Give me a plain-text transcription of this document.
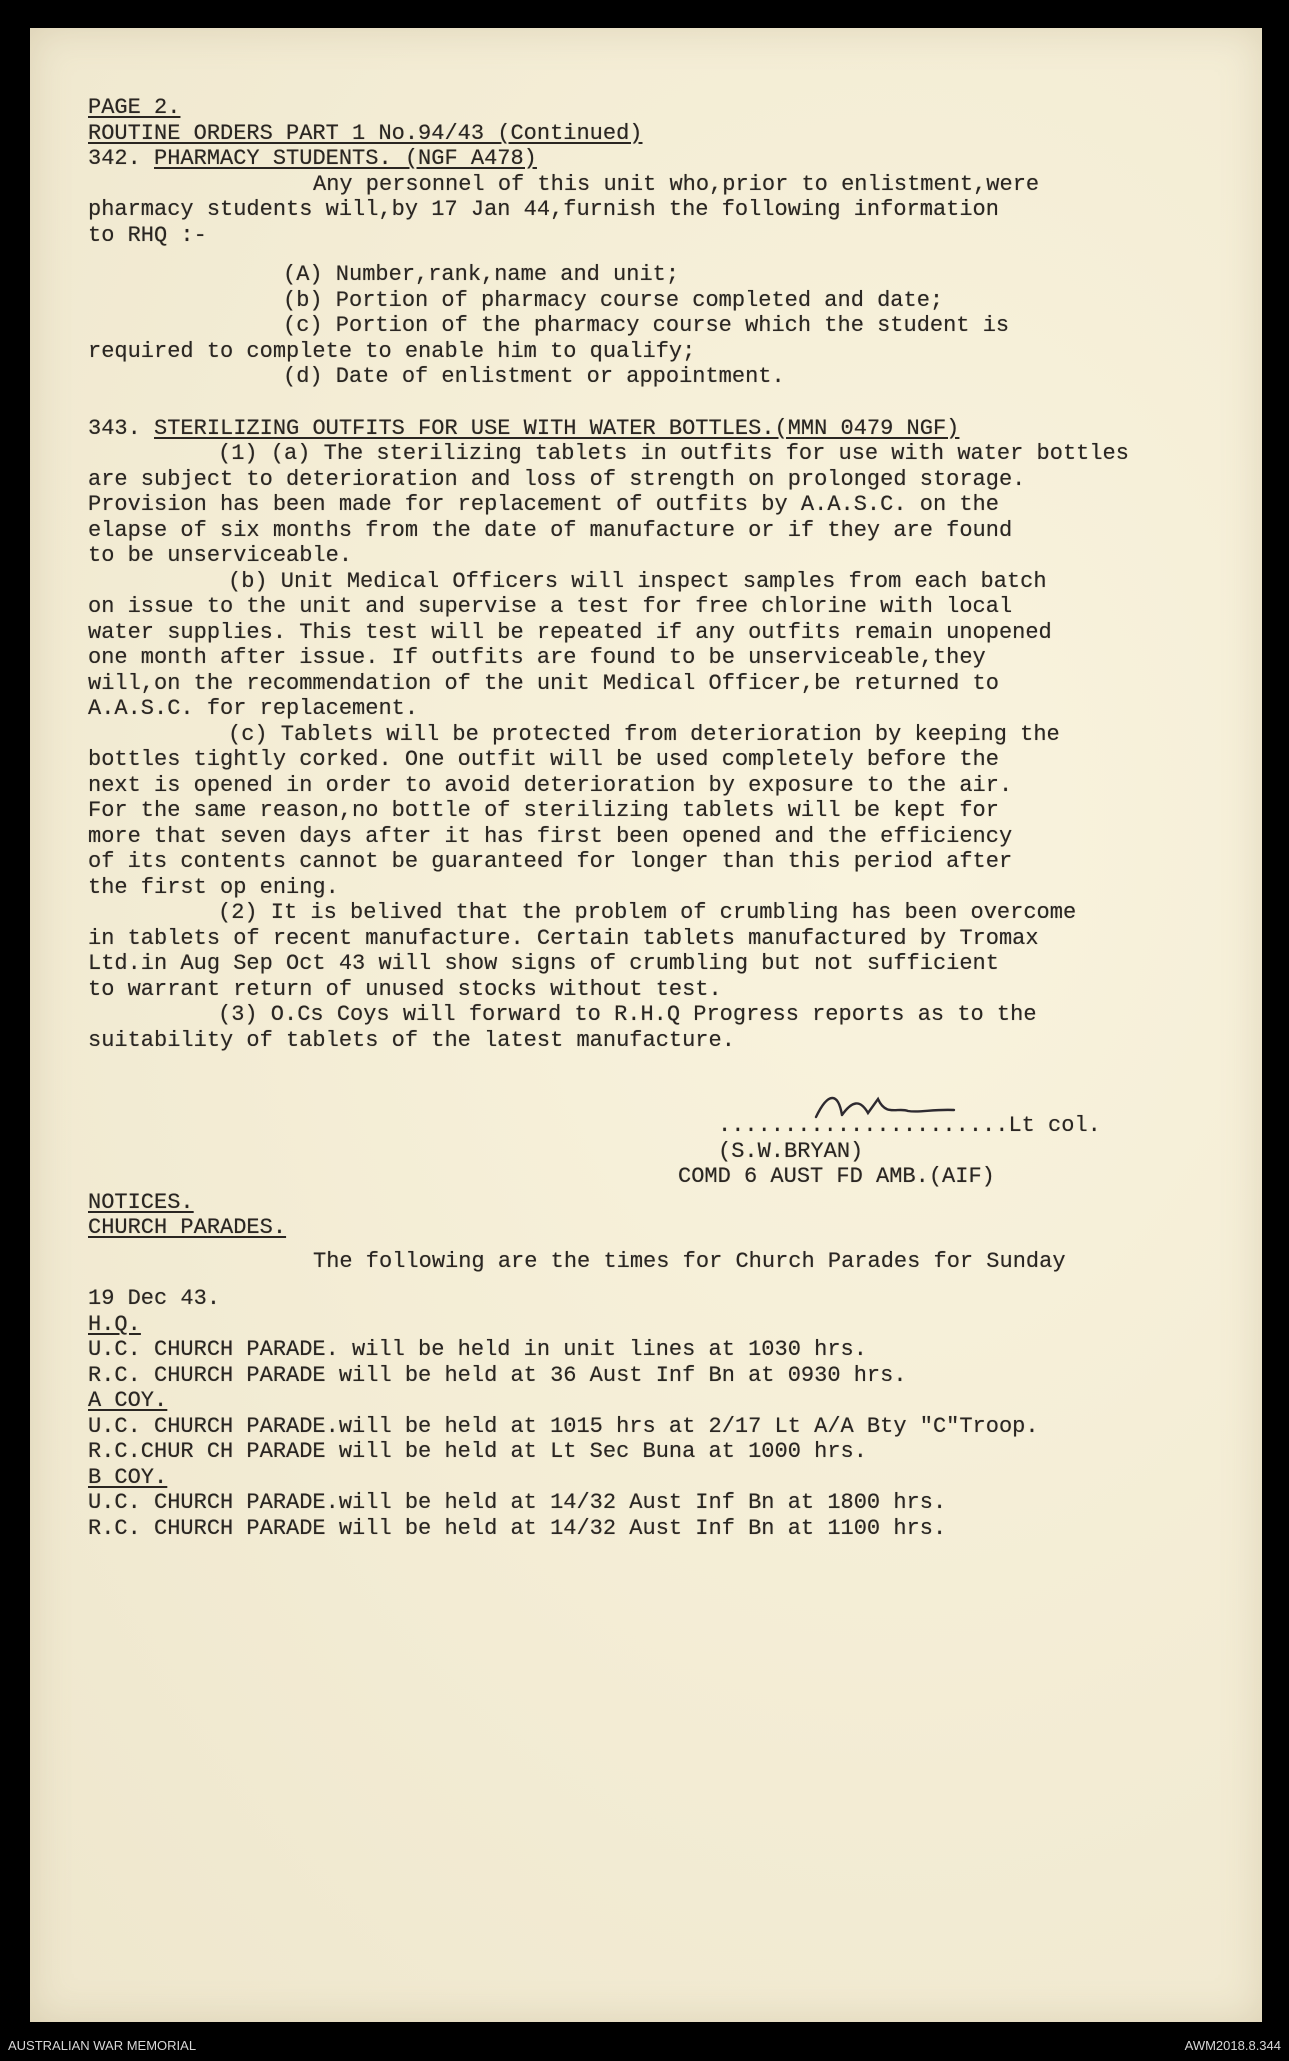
PAGE 2.

ROUTINE ORDERS PART 1 No.94/43 (Continued)

342. PHARMACY STUDENTS. (NGF A478)

Any personnel of this unit who,prior to enlistment,were

pharmacy students will,by 17 Jan 44,furnish the following information

to RHQ :-

(A) Number,rank,name and unit;

(b) Portion of pharmacy course completed and date;

(c) Portion of the pharmacy course which the student is

required to complete to enable him to qualify;

(d) Date of enlistment or appointment.

343. STERILIZING OUTFITS FOR USE WITH WATER BOTTLES.(MMN 0479 NGF)

(1) (a) The sterilizing tablets in outfits for use with water bottles

are subject to deterioration and loss of strength on prolonged storage.

Provision has been made for replacement of outfits by A.A.S.C. on the

elapse of six months from the date of manufacture or if they are found

to be unserviceable.

(b) Unit Medical Officers will inspect samples from each batch

on issue to the unit and supervise a test for free chlorine with local

water supplies. This test will be repeated if any outfits remain unopened

one month after issue. If outfits are found to be unserviceable,they

will,on the recommendation of the unit Medical Officer,be returned to

A.A.S.C. for replacement.

(c) Tablets will be protected from deterioration by keeping the

bottles tightly corked. One outfit will be used completely before the

next is opened in order to avoid deterioration by exposure to the air.

For the same reason,no bottle of sterilizing tablets will be kept for

more that seven days after it has first been opened and the efficiency

of its contents cannot be guaranteed for longer than this period after

the first op ening.

(2) It is belived that the problem of crumbling has been overcome

in tablets of recent manufacture. Certain tablets manufactured by Tromax

Ltd.in Aug Sep Oct 43 will show signs of crumbling but not sufficient

to warrant return of unused stocks without test.

(3) O.Cs Coys will forward to R.H.Q Progress reports as to the

suitability of tablets of the latest manufacture.

......................Lt col.

(S.W.BRYAN)

COMD 6 AUST FD AMB.(AIF)

NOTICES.

CHURCH PARADES.

The following are the times for Church Parades for Sunday

19 Dec 43.

H.Q.

U.C. CHURCH PARADE. will be held in unit lines at 1030 hrs.

R.C. CHURCH PARADE will be held at 36 Aust Inf Bn at 0930 hrs.

A COY.

U.C. CHURCH PARADE.will be held at 1015 hrs at 2/17 Lt A/A Bty "C"Troop.

R.C.CHUR CH PARADE will be held at Lt Sec Buna at 1000 hrs.

B COY.

U.C. CHURCH PARADE.will be held at 14/32 Aust Inf Bn at 1800 hrs.

R.C. CHURCH PARADE will be held at 14/32 Aust Inf Bn at 1100 hrs.

AUSTRALIAN WAR MEMORIAL	AWM2018.8.344
